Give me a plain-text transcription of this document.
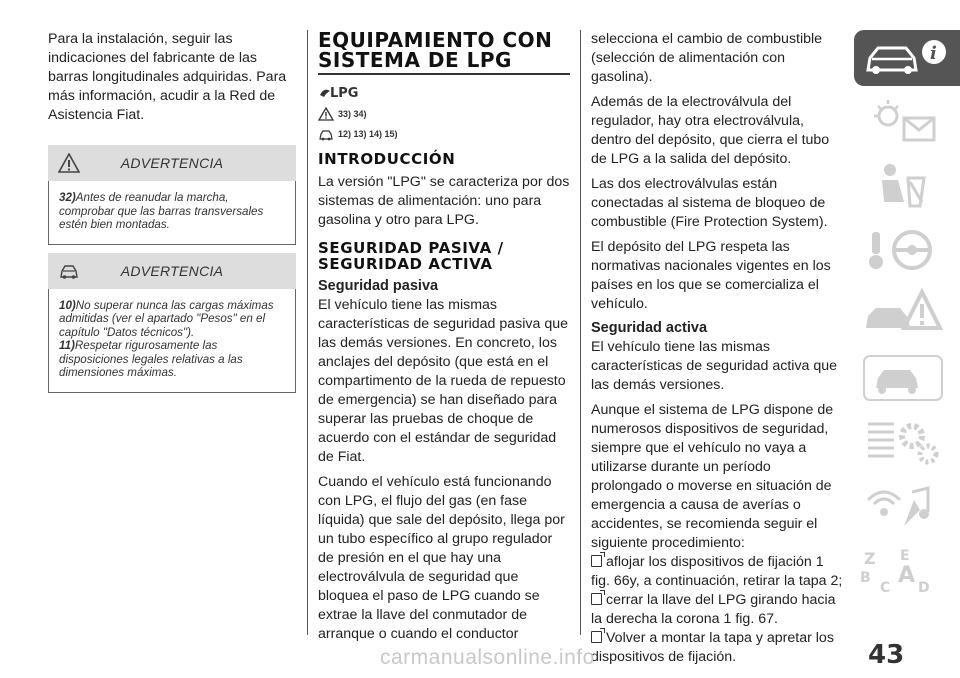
Para la instalación, seguir las indicaciones del fabricante de las barras longitudinales adquiridas. Para más información, acudir a la Red de Asistencia Fiat.

ADVERTENCIA

32)Antes de reanudar la marcha, comprobar que las barras transversales estén bien montadas.

ADVERTENCIA

10)No superar nunca las cargas máximas admitidas (ver el apartado "Pesos" en el capítulo "Datos técnicos").

11)Respetar rigurosamente las disposiciones legales relativas a las dimensiones máximas.

EQUIPAMIENTO CON
SISTEMA DE LPG
LPG
33) 34)
12) 13) 14) 15)
INTRODUCCIÓN

La versión "LPG" se caracteriza por dos sistemas de alimentación: uno para gasolina y otro para LPG.

SEGURIDAD PASIVA /
SEGURIDAD ACTIVA
Seguridad pasiva

El vehículo tiene las mismas características de seguridad pasiva que las demás versiones. En concreto, los anclajes del depósito (que está en el compartimento de la rueda de repuesto de emergencia) se han diseñado para superar las pruebas de choque de acuerdo con el estándar de seguridad de Fiat.

Cuando el vehículo está funcionando con LPG, el flujo del gas (en fase líquida) que sale del depósito, llega por un tubo específico al grupo regulador de presión en el que hay una electroválvula de seguridad que bloquea el paso de LPG cuando se extrae la llave del conmutador de arranque o cuando el conductor

selecciona el cambio de combustible (selección de alimentación con gasolina).

Además de la electroválvula del regulador, hay otra electroválvula, dentro del depósito, que cierra el tubo de LPG a la salida del depósito.

Las dos electroválvulas están conectadas al sistema de bloqueo de combustible (Fire Protection System).

El depósito del LPG respeta las normativas nacionales vigentes en los países en los que se comercializa el vehículo.

Seguridad activa

El vehículo tiene las mismas características de seguridad activa que las demás versiones.

Aunque el sistema de LPG dispone de numerosos dispositivos de seguridad, siempre que el vehículo no vaya a utilizarse durante un período prolongado o moverse en situación de emergencia a causa de averías o accidentes, se recomienda seguir el siguiente procedimiento:

aflojar los dispositivos de fijación 1 fig. 66y, a continuación, retirar la tapa 2;

cerrar la llave del LPG girando hacia la derecha la corona 1 fig. 67.

Volver a montar la tapa y apretar los dispositivos de fijación.

i
Z E
B
C A D
43
carmanualsonline.info
